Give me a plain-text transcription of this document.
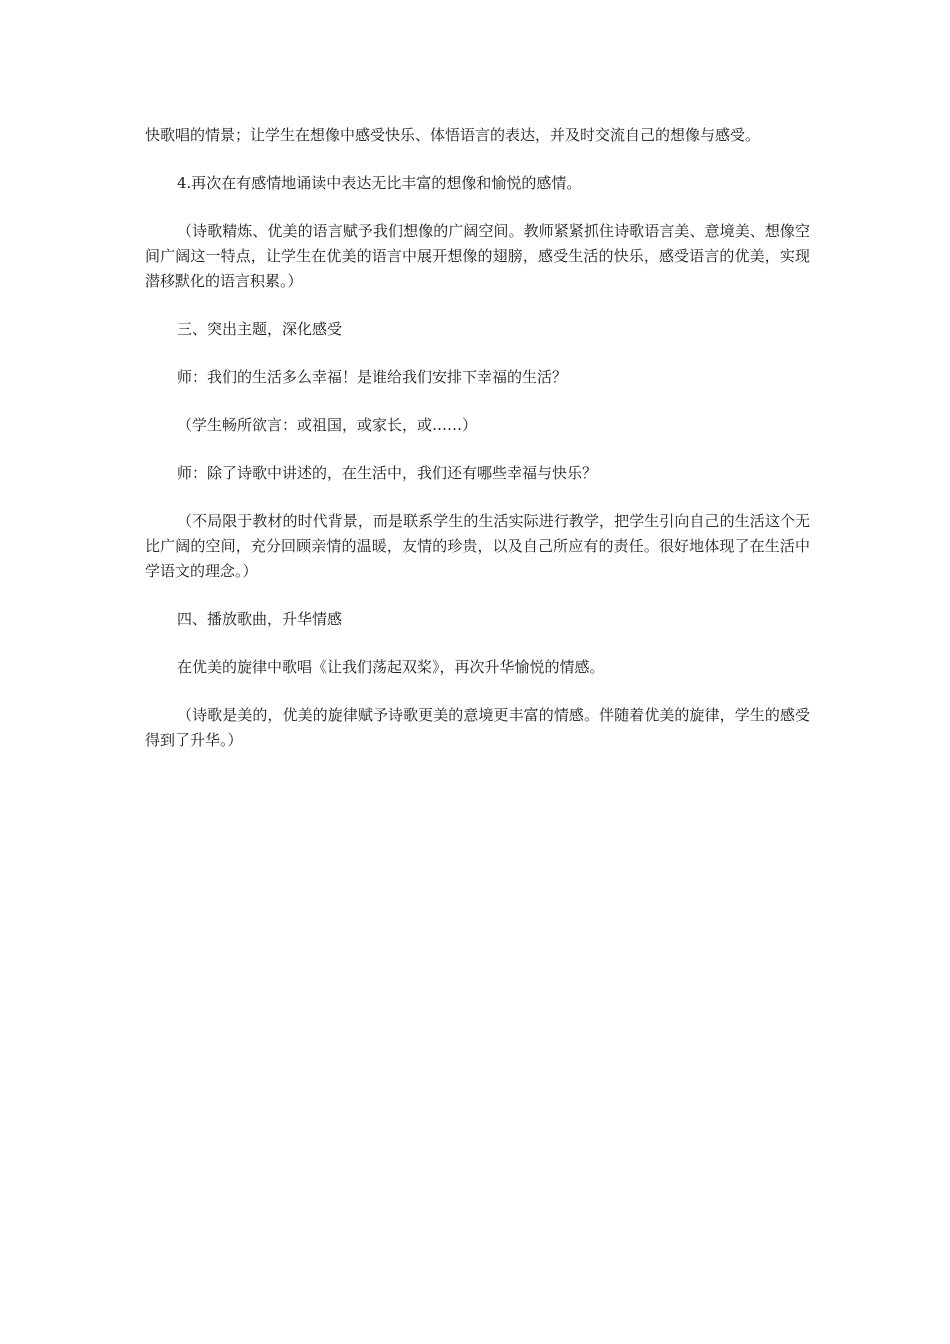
快歌唱的情景；让学生在想像中感受快乐、体悟语言的表达，并及时交流自己的想像与感受。

4.再次在有感情地诵读中表达无比丰富的想像和愉悦的感情。

（诗歌精炼、优美的语言赋予我们想像的广阔空间。教师紧紧抓住诗歌语言美、意境美、想像空间广阔这一特点，让学生在优美的语言中展开想像的翅膀，感受生活的快乐，感受语言的优美，实现潜移默化的语言积累。）

三、突出主题，深化感受

师：我们的生活多么幸福！是谁给我们安排下幸福的生活？

（学生畅所欲言：或祖国，或家长，或……）

师：除了诗歌中讲述的，在生活中，我们还有哪些幸福与快乐？

（不局限于教材的时代背景，而是联系学生的生活实际进行教学，把学生引向自己的生活这个无比广阔的空间，充分回顾亲情的温暖，友情的珍贵，以及自己所应有的责任。很好地体现了在生活中学语文的理念。）

四、播放歌曲，升华情感

在优美的旋律中歌唱《让我们荡起双桨》，再次升华愉悦的情感。

（诗歌是美的，优美的旋律赋予诗歌更美的意境更丰富的情感。伴随着优美的旋律，学生的感受得到了升华。）
